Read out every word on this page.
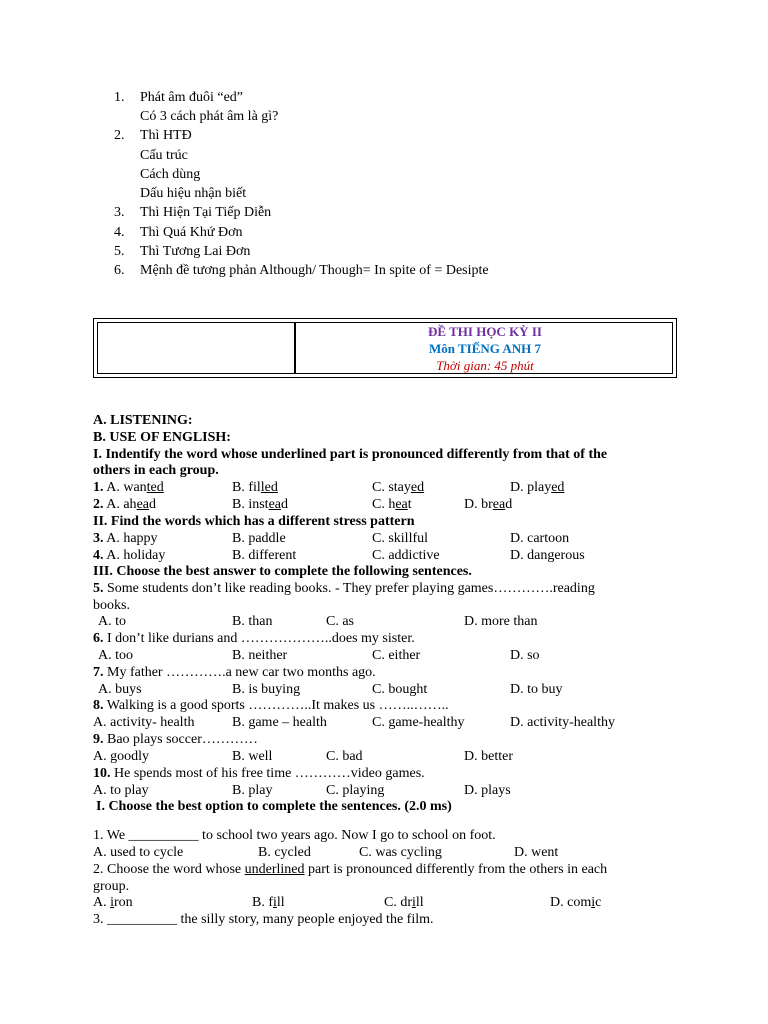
1. Phát âm đuôi “ed”
Có 3 cách phát âm là gì?
2. Thì HTĐ
Cấu trúc
Cách dùng
Dấu hiệu nhận biết
3. Thì Hiện Tại Tiếp Diễn
4. Thì Quá Khứ Đơn
5. Thì Tương Lai Đơn
6. Mệnh đề tương phản Although/ Though= In spite of = Desipte
ĐỀ THI HỌC KỲ II
Môn TIẾNG ANH 7
Thời gian: 45 phút
A. LISTENING:
B. USE OF ENGLISH:
I. Indentify the word whose underlined part is pronounced differently from that of the
others in each group.
1. A. wanted	B. filled	C. stayed	D. played
2. A. ahead	B. instead	C. heat	D. bread
II. Find the words which has a different stress pattern
3. A. happy	B. paddle	C. skillful	D. cartoon
4. A. holiday	B. different	C. addictive	D. dangerous
III. Choose the best answer to complete the following sentences.
5. Some students don’t like reading books. - They prefer playing games………….reading
books.
A. to	B. than	C. as	D. more than
6. I don’t like durians and ………………..does my sister.
A. too	B. neither	C. either	D. so
7. My father ………….a new car two months ago.
A. buys	B. is buying	C. bought	D. to buy
8. Walking is a good sports …………..It makes us ……..……..
A. activity- health	B. game – health	C. game-healthy	D. activity-healthy
9. Bao plays soccer…………
A. goodly	B. well	C. bad	D. better
10. He spends most of his free time …………video games.
A. to play	B. play	C. playing	D. plays
I. Choose the best option to complete the sentences. (2.0 ms)
1. We __________ to school two years ago. Now I go to school on foot.
A. used to cycle	B. cycled	C. was cycling	D. went
2. Choose the word whose underlined part is pronounced differently from the others in each
group.
A. iron	B. fill	C. drill	D. comic
3. __________ the silly story, many people enjoyed the film.
